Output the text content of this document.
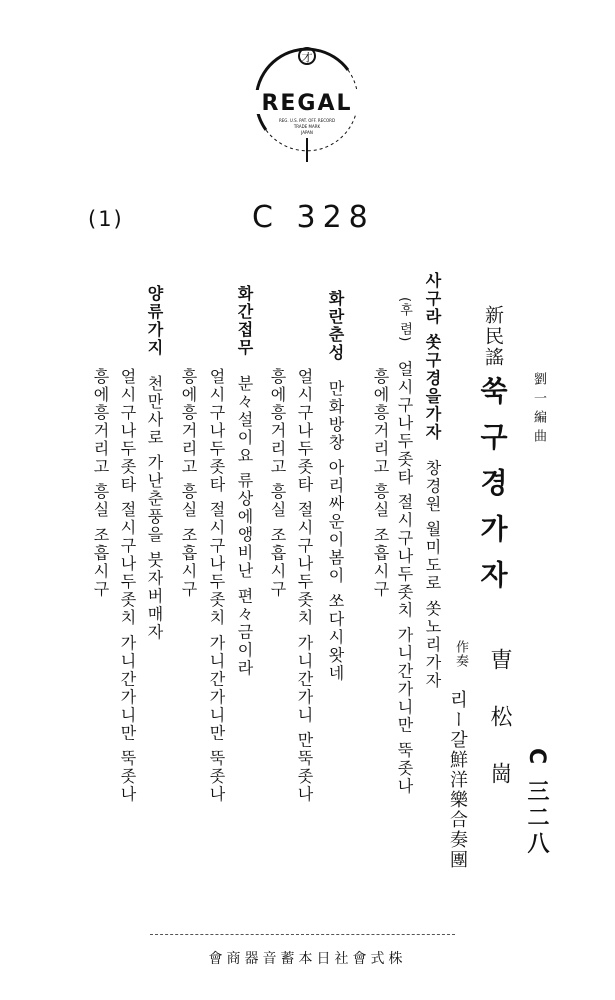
才
REGAL
REG. U.S. PAT. OFF. RECORD
TRADE MARK
JAPAN
(1)	C 328
C 三二八
劉一編曲
新民謠
쑥구경가자
曺 松 崗
作奏
리ー갈鮮洋樂合奏團
사구라 쏫구경을가자　창경원 월미도로 쏫노리가자
(후 렴)　얼시구나두좃타 절시구나두좃치 가니간가니만 뚝좃나
흥에흥거리고 흥실 조흡시구
화란춘성　만화방창 아리싸운이봄이 쏘다시왓네
얼시구나두좃타 절시구나두좃치 가니간가니 만뚝좃나
흥에흥거리고 흥실 조흡시구
화간접무　분々설이요 류상에앵비난 편々금이라
얼시구나두좃타 절시구나두좃치 가니간가니만 뚝좃나
흥에흥거리고 흥실 조흡시구
양류가지　천만사로 가난춘풍을 붓자버매자
얼시구나두좃타 절시구나두좃치 가니간가니만 뚝좃나
흥에흥거리고 흥실 조흡시구
會商器音蓄本日社會式株
